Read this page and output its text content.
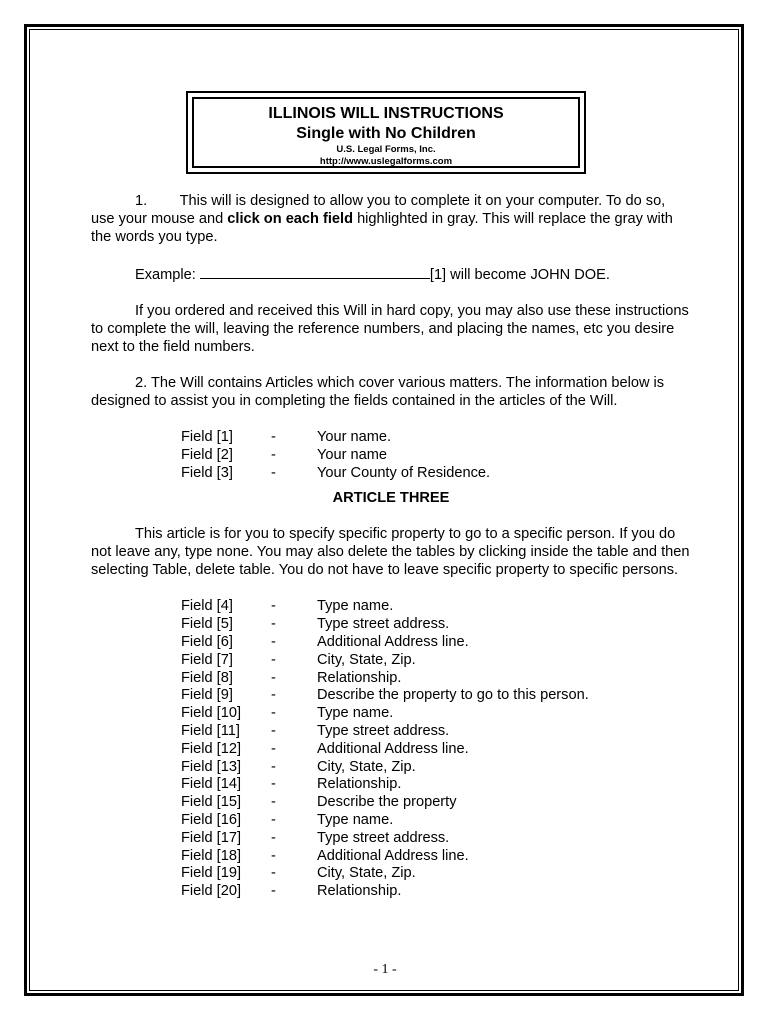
ILLINOIS WILL INSTRUCTIONS
Single with No Children
U.S. Legal Forms, Inc.
http://www.uslegalforms.com

1.        This will is designed to allow you to complete it on your computer. To do so, use your mouse and click on each field highlighted in gray. This will replace the gray with the words you type.

Example:	[1] will become JOHN DOE.

If you ordered and received this Will in hard copy, you may also use these instructions to complete the will, leaving the reference numbers, and placing the names, etc you desire next to the field numbers.

2. The Will contains Articles which cover various matters. The information below is designed to assist you in completing the fields contained in the articles of the Will.

Field [1]	-	Your name.
Field [2]	-	Your name
Field [3]	-	Your County of Residence.

ARTICLE THREE

This article is for you to specify specific property to go to a specific person. If you do not leave any, type none. You may also delete the tables by clicking inside the table and then selecting Table, delete table. You do not have to leave specific property to specific persons.

Field [4]	-	Type name.
Field [5]	-	Type street address.
Field [6]	-	Additional Address line.
Field [7]	-	City, State, Zip.
Field [8]	-	Relationship.
Field [9]	-	Describe the property to go to this person.
Field [10]	-	Type name.
Field [11]	-	Type street address.
Field [12]	-	Additional Address line.
Field [13]	-	City, State, Zip.
Field [14]	-	Relationship.
Field [15]	-	Describe the property
Field [16]	-	Type name.
Field [17]	-	Type street address.
Field [18]	-	Additional Address line.
Field [19]	-	City, State, Zip.
Field [20]	-	Relationship.
- 1 -
